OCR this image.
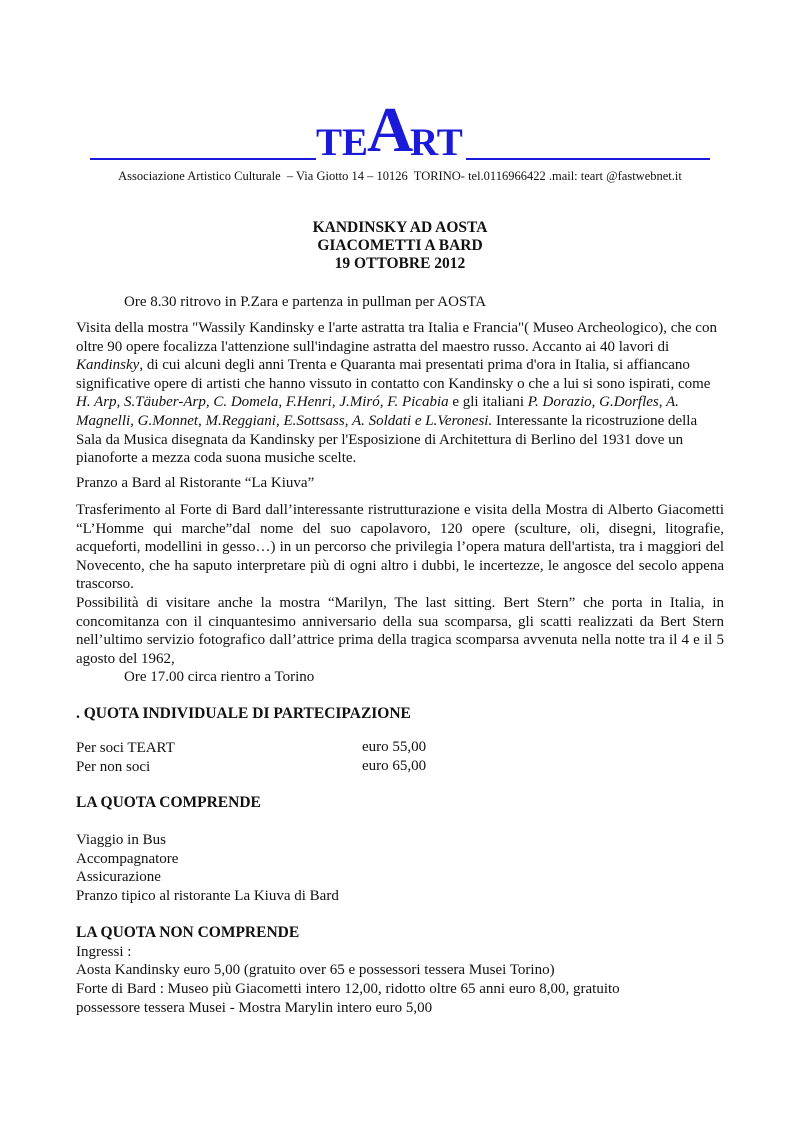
TE
A
RT
Associazione Artistico Culturale  – Via Giotto 14 – 10126  TORINO- tel.0116966422 .mail: teart @fastwebnet.it
KANDINSKY AD AOSTA
GIACOMETTI A BARD
19 OTTOBRE 2012
Ore 8.30 ritrovo in P.Zara e partenza in pullman per AOSTA
Visita della mostra "Wassily Kandinsky e l'arte astratta tra Italia e Francia"( Museo Archeologico), che con oltre 90 opere focalizza l'attenzione sull'indagine astratta del maestro russo. Accanto ai 40 lavori di Kandinsky, di cui alcuni degli anni Trenta e Quaranta mai presentati prima d'ora in Italia, si affiancano significative opere di artisti che hanno vissuto in contatto con Kandinsky o che a lui si sono ispirati, come H. Arp, S.Täuber-Arp, C. Domela, F.Henri, J.Miró, F. Picabia e gli italiani P. Dorazio, G.Dorfles, A. Magnelli, G.Monnet, M.Reggiani, E.Sottsass, A. Soldati e L.Veronesi. Interessante la ricostruzione della Sala da Musica disegnata da Kandinsky per l'Esposizione di Architettura di Berlino del 1931 dove un pianoforte a mezza coda suona musiche scelte.
Pranzo a Bard al Ristorante “La Kiuva”
Trasferimento al Forte di Bard dall’interessante ristrutturazione e visita della Mostra di Alberto Giacometti “L’Homme qui marche”dal nome del suo capolavoro, 120 opere (sculture, oli, disegni, litografie, acqueforti, modellini in gesso…) in un percorso che privilegia l’opera matura dell'artista, tra i maggiori del Novecento, che ha saputo interpretare più di ogni altro i dubbi, le incertezze, le angosce del secolo appena trascorso.
Possibilità di visitare anche la mostra “Marilyn, The last sitting. Bert Stern” che porta in Italia, in concomitanza con il cinquantesimo anniversario della sua scomparsa, gli scatti realizzati da Bert Stern nell’ultimo servizio fotografico dall’attrice prima della tragica scomparsa avvenuta nella notte tra il 4 e il 5 agosto del 1962,
Ore 17.00 circa rientro a Torino
. QUOTA INDIVIDUALE DI PARTECIPAZIONE
Per soci TEART	euro 55,00
Per non soci	euro 65,00
LA QUOTA COMPRENDE
Viaggio in Bus
Accompagnatore
Assicurazione
Pranzo tipico al ristorante La Kiuva di Bard
LA QUOTA NON COMPRENDE
Ingressi :
Aosta Kandinsky euro 5,00 (gratuito over 65 e possessori tessera Musei Torino)
Forte di Bard : Museo più Giacometti intero 12,00, ridotto oltre 65 anni euro 8,00, gratuito
possessore tessera Musei - Mostra Marylin intero euro 5,00
